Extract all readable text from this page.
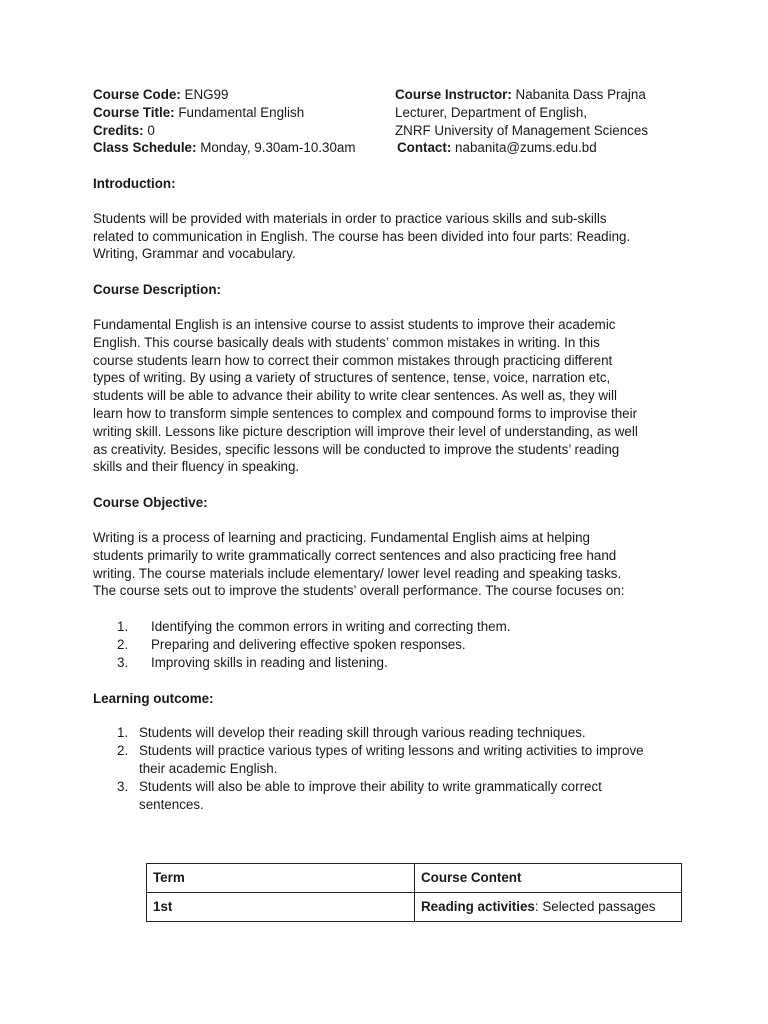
Course Code: ENG99	Course Instructor: Nabanita Dass Prajna
Course Title: Fundamental English	Lecturer, Department of English,
Credits: 0	ZNRF University of Management Sciences
Class Schedule: Monday, 9.30am-10.30am	Contact: nabanita@zums.edu.bd
Introduction:
Students will be provided with materials in order to practice various skills and sub-skills
related to communication in English. The course has been divided into four parts: Reading.
Writing, Grammar and vocabulary.
Course Description:
Fundamental English is an intensive course to assist students to improve their academic
English. This course basically deals with students’ common mistakes in writing. In this
course students learn how to correct their common mistakes through practicing different
types of writing. By using a variety of structures of sentence, tense, voice, narration etc,
students will be able to advance their ability to write clear sentences. As well as, they will
learn how to transform simple sentences to complex and compound forms to improvise their
writing skill. Lessons like picture description will improve their level of understanding, as well
as creativity. Besides, specific lessons will be conducted to improve the students’ reading
skills and their fluency in speaking.
Course Objective:
Writing is a process of learning and practicing. Fundamental English aims at helping
students primarily to write grammatically correct sentences and also practicing free hand
writing. The course materials include elementary/ lower level reading and speaking tasks.
The course sets out to improve the students’ overall performance. The course focuses on:
1. Identifying the common errors in writing and correcting them.
2. Preparing and delivering effective spoken responses.
3. Improving skills in reading and listening.
Learning outcome:
1. Students will develop their reading skill through various reading techniques.
2. Students will practice various types of writing lessons and writing activities to improve
their academic English.
3. Students will also be able to improve their ability to write grammatically correct
sentences.
Term	Course Content
1st	Reading activities: Selected passages
